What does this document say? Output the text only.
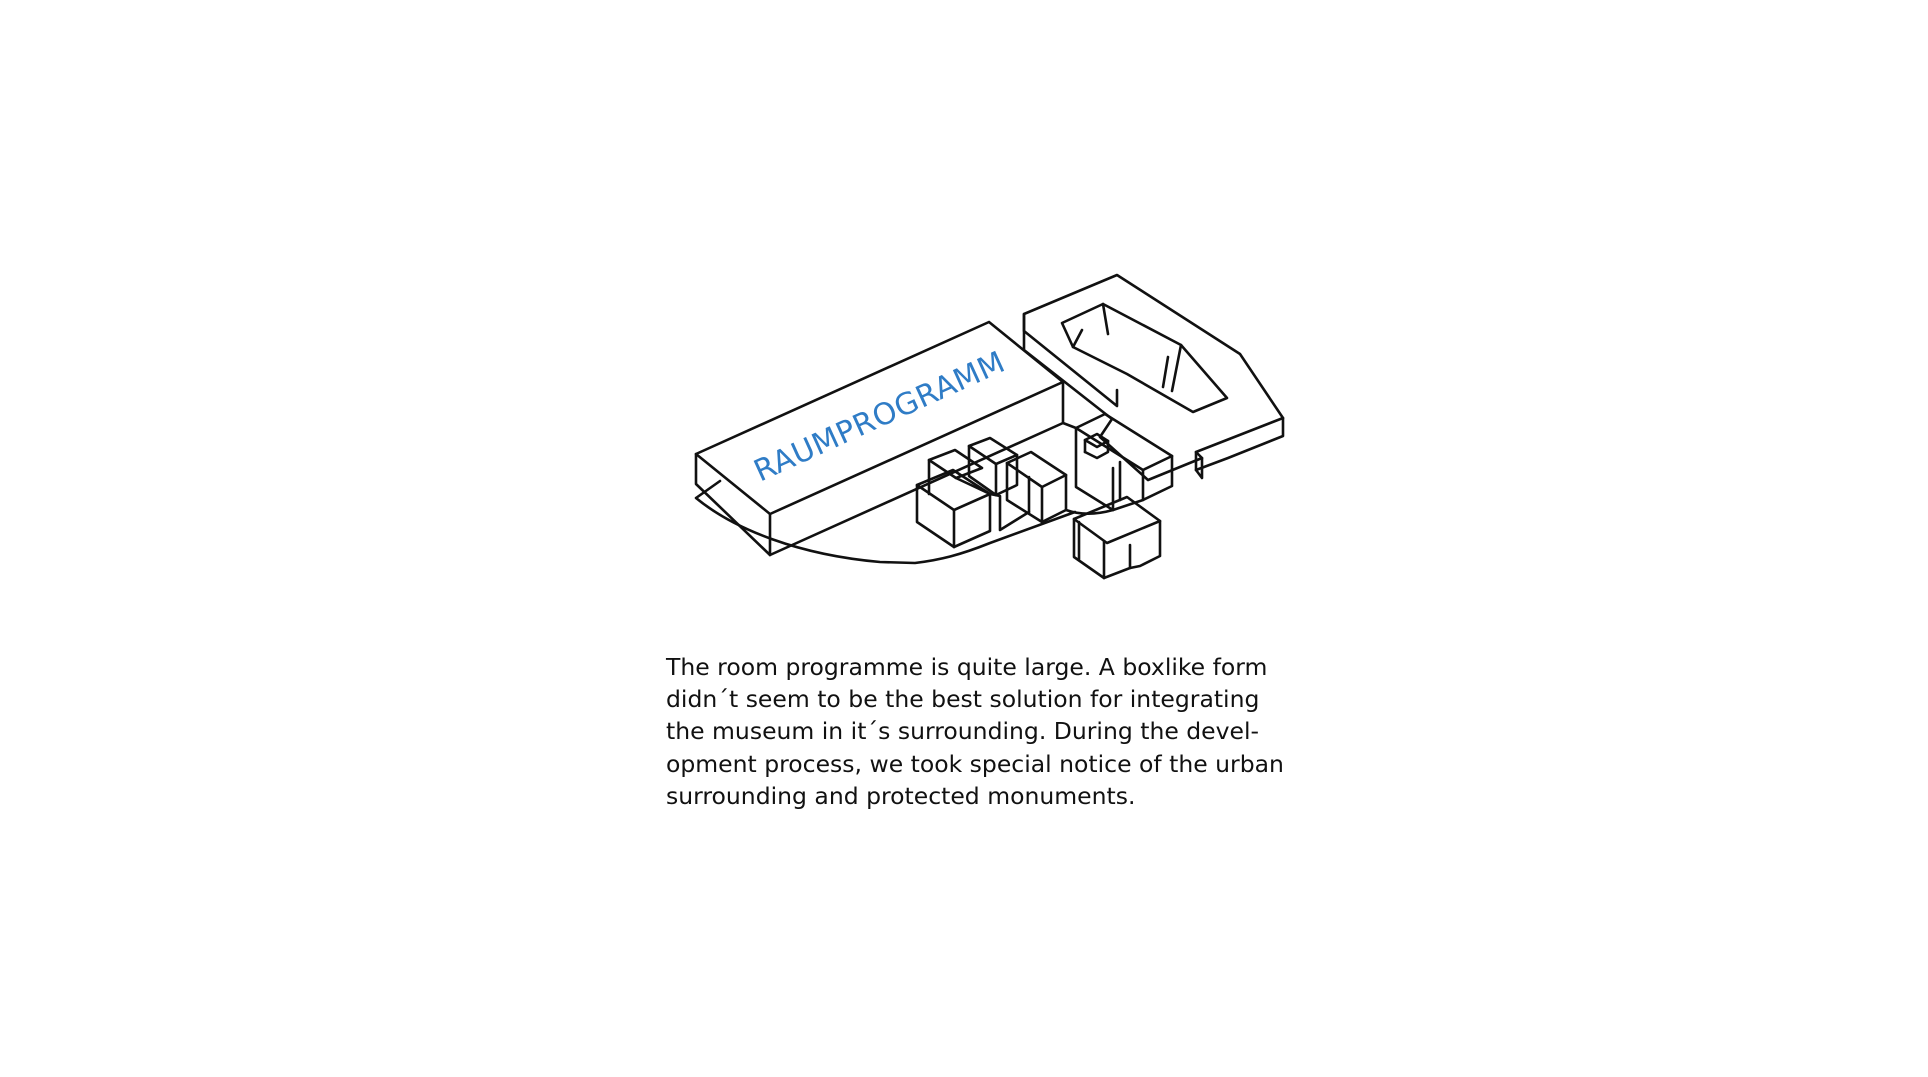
RAUMPROGRAMM
The room programme is quite large. A boxlike form
didn´t seem to be the best solution for integrating
the museum in it´s surrounding. During the devel-
opment process, we took special notice of the urban
surrounding and protected monuments.
